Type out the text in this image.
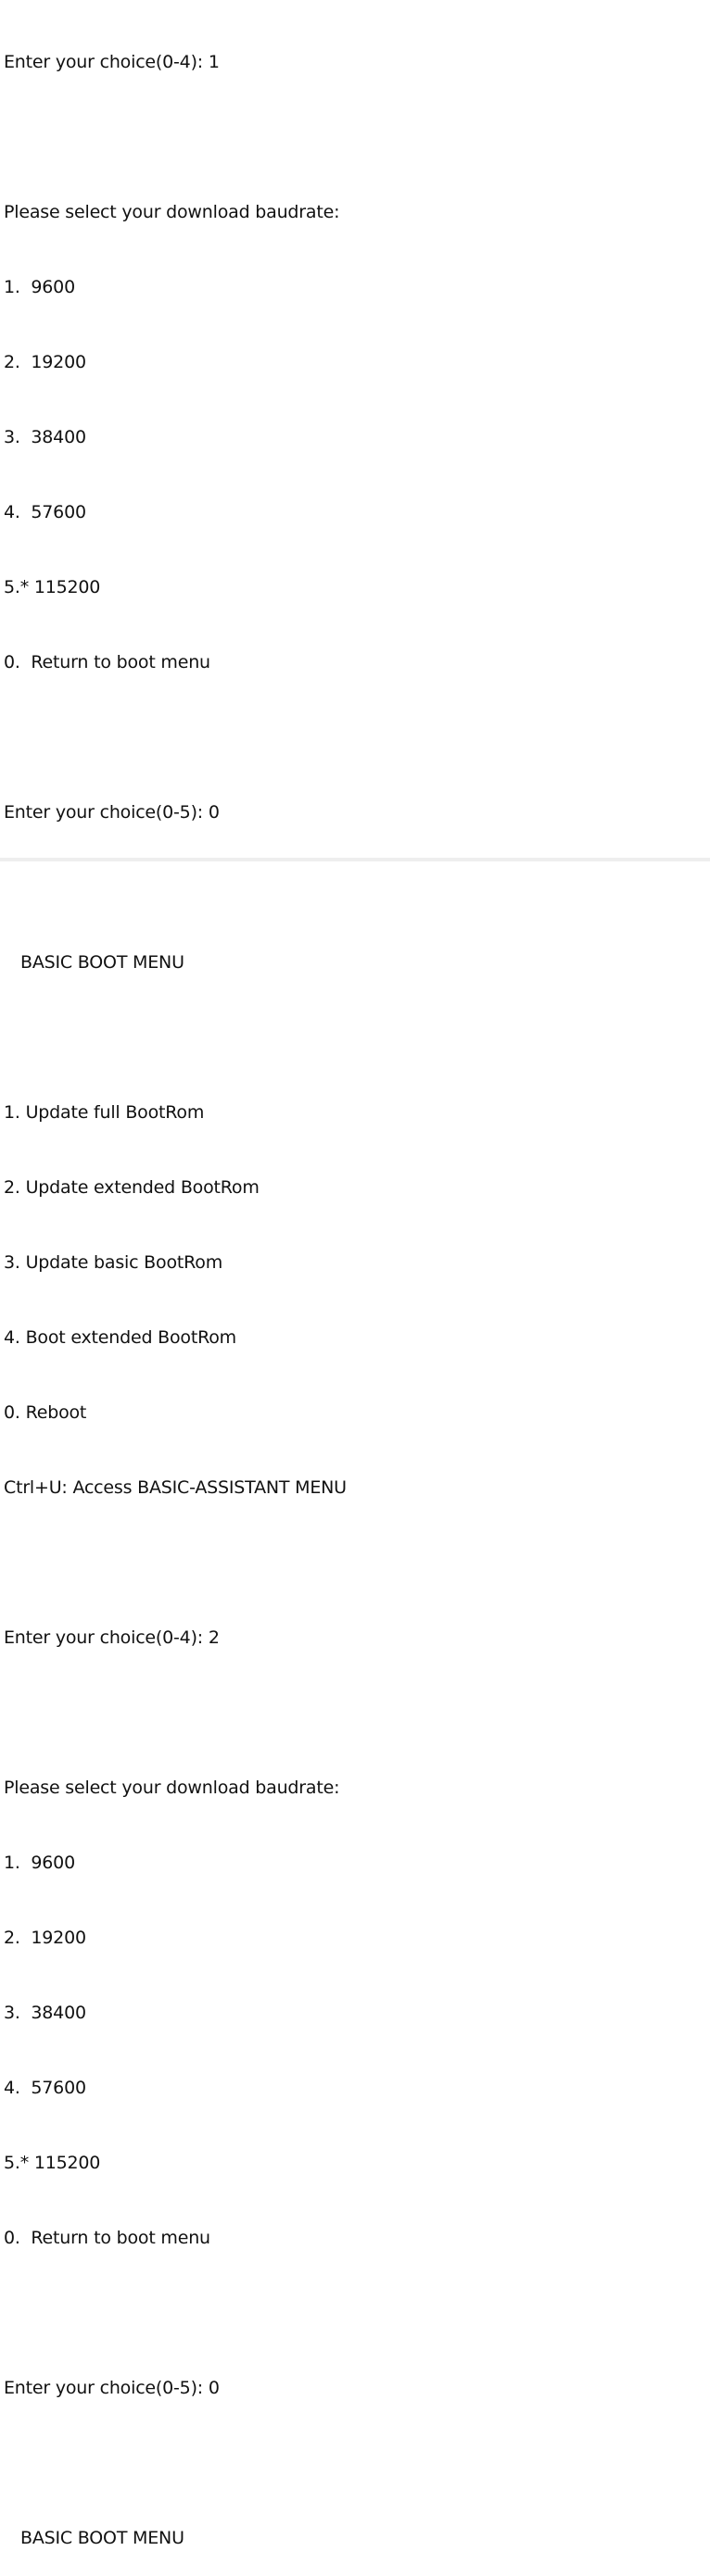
Enter your choice(0-4): 1

Please select your download baudrate:

1.  9600

2.  19200

3.  38400

4.  57600

5.* 115200

0.  Return to boot menu

Enter your choice(0-5): 0

BASIC BOOT MENU

1. Update full BootRom

2. Update extended BootRom

3. Update basic BootRom

4. Boot extended BootRom

0. Reboot

Ctrl+U: Access BASIC-ASSISTANT MENU

Enter your choice(0-4): 2

Please select your download baudrate:

1.  9600

2.  19200

3.  38400

4.  57600

5.* 115200

0.  Return to boot menu

Enter your choice(0-5): 0

BASIC BOOT MENU
